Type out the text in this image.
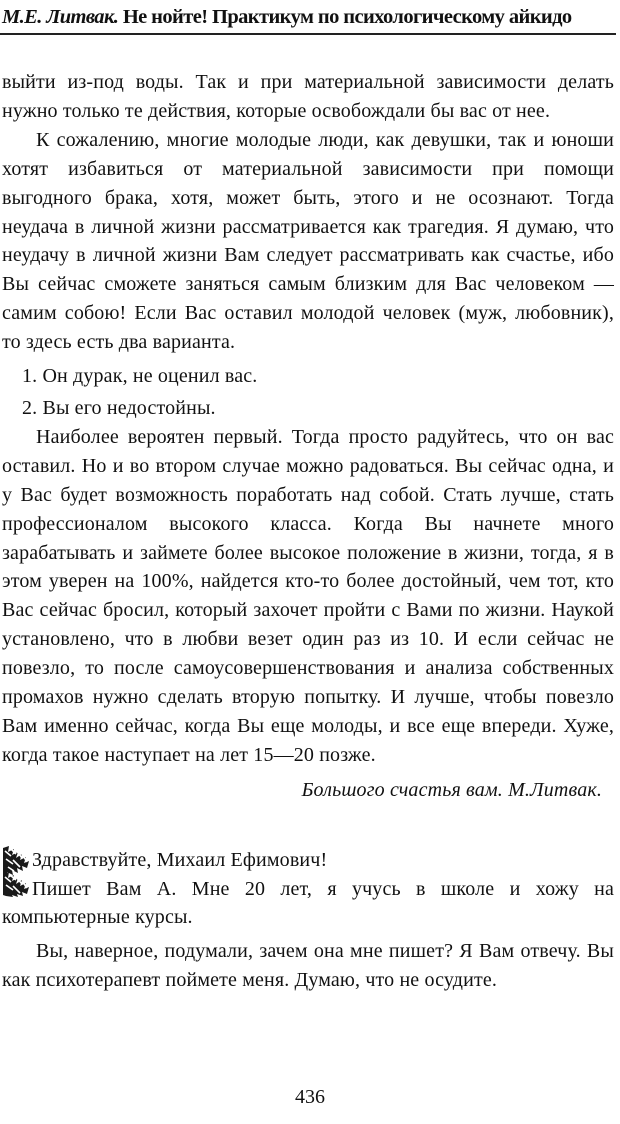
М.Е. Литвак. Не нойте! Практикум по психологическому айкидо

выйти из-под воды. Так и при материальной зависимости делать нужно только те действия, которые освобождали бы вас от нее.

К сожалению, многие молодые люди, как девушки, так и юноши хотят избавиться от материальной зависимости при помощи выгодного брака, хотя, может быть, этого и не осознают. Тогда неудача в личной жизни рассматривается как трагедия. Я думаю, что неудачу в личной жизни Вам следует рассматривать как счастье, ибо Вы сейчас сможете заняться самым близким для Вас человеком — самим собою! Если Вас оставил молодой человек (муж, любовник), то здесь есть два варианта.

1. Он дурак, не оценил вас.
2. Вы его недостойны.

Наиболее вероятен первый. Тогда просто радуйтесь, что он вас оставил. Но и во втором случае можно радоваться. Вы сейчас одна, и у Вас будет возможность поработать над собой. Стать лучше, стать профессионалом высокого класса. Когда Вы начнете много зарабатывать и займете более высокое положение в жизни, тогда, я в этом уверен на 100%, найдется кто-то более достойный, чем тот, кто Вас сейчас бросил, который захочет пройти с Вами по жизни. Наукой установлено, что в любви везет один раз из 10. И если сейчас не повезло, то после самоусовершенствования и анализа собственных промахов нужно сделать вторую попытку. И лучше, чтобы повезло Вам именно сейчас, когда Вы еще молоды, и все еще впереди. Хуже, когда такое наступает на лет 15—20 позже.

Большого счастья вам. М.Литвак.

Здравствуйте, Михаил Ефимович!

Пишет Вам А. Мне 20 лет, я учусь в школе и хожу на компьютерные курсы.

Вы, наверное, подумали, зачем она мне пишет? Я Вам отвечу. Вы как психотерапевт поймете меня. Думаю, что не осудите.

436
